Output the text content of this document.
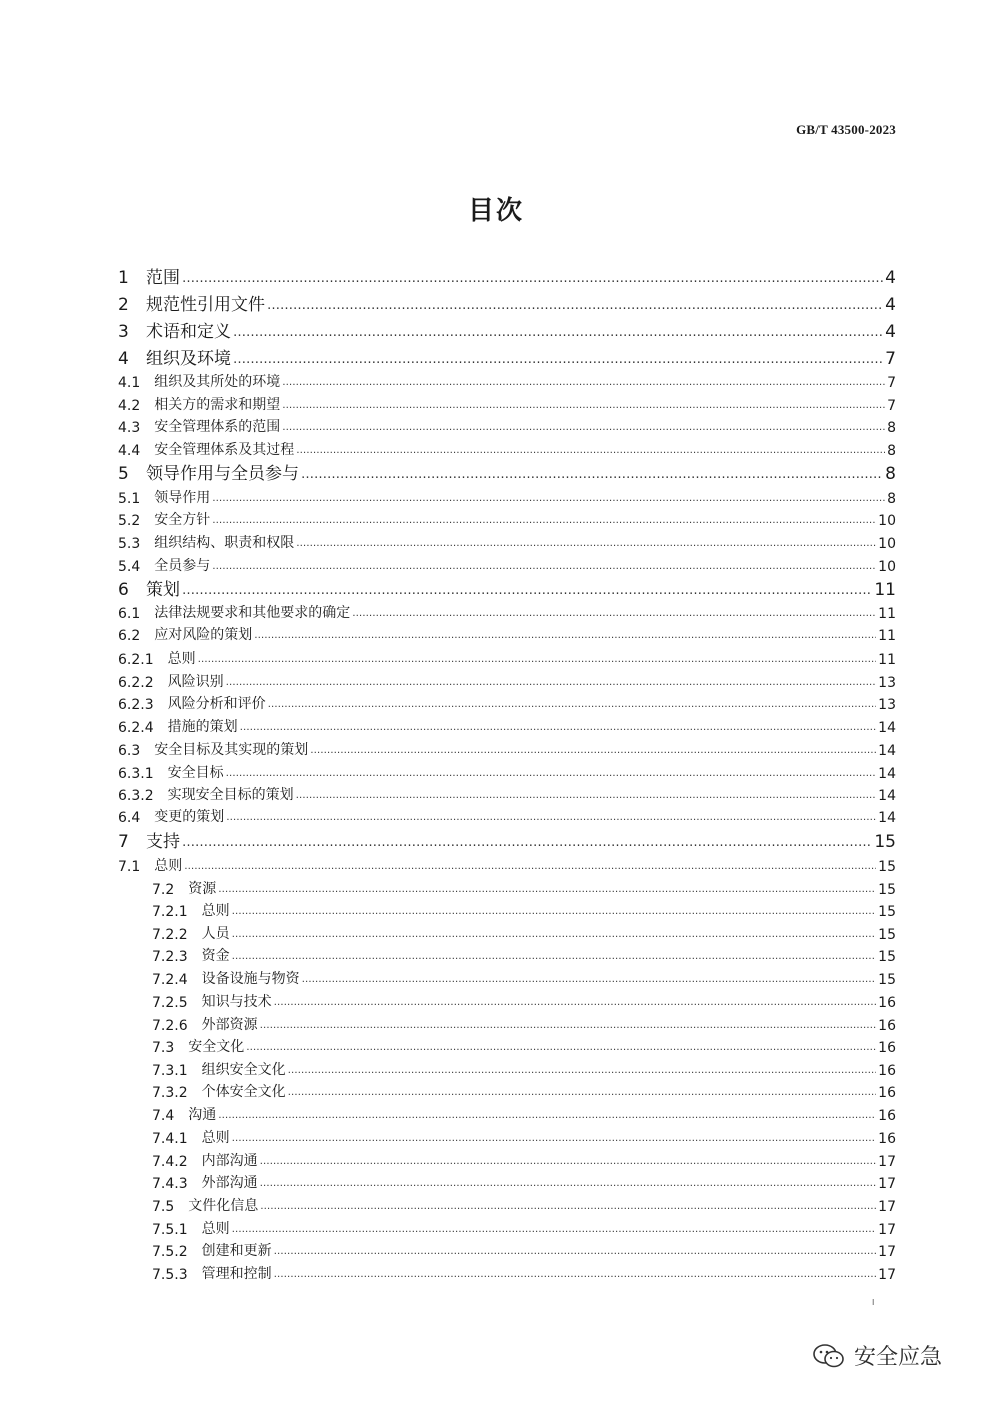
GB/T 43500-2023
目次
1	范围 …………………………………………………………………………………………………………………………………………………………………………………………………………………………………………………………	4
2	规范性引用文件 …………………………………………………………………………………………………………………………………………………………………………………………………………………………………………………………	4
3	术语和定义 …………………………………………………………………………………………………………………………………………………………………………………………………………………………………………………………	4
4	组织及环境 …………………………………………………………………………………………………………………………………………………………………………………………………………………………………………………………	7
4.1 组织及其所处的环境 …………………………………………………………………………………………………………………………………………………………………………………………………………………………………………………………	7
4.2 相关方的需求和期望 …………………………………………………………………………………………………………………………………………………………………………………………………………………………………………………………	7
4.3 安全管理体系的范围 …………………………………………………………………………………………………………………………………………………………………………………………………………………………………………………………	8
4.4 安全管理体系及其过程 …………………………………………………………………………………………………………………………………………………………………………………………………………………………………………………………	8
5	领导作用与全员参与 …………………………………………………………………………………………………………………………………………………………………………………………………………………………………………………………	8
5.1 领导作用 …………………………………………………………………………………………………………………………………………………………………………………………………………………………………………………………	8
5.2 安全方针 …………………………………………………………………………………………………………………………………………………………………………………………………………………………………………………………	10
5.3 组织结构、职责和权限 …………………………………………………………………………………………………………………………………………………………………………………………………………………………………………………………	10
5.4 全员参与 …………………………………………………………………………………………………………………………………………………………………………………………………………………………………………………………	10
6	策划 …………………………………………………………………………………………………………………………………………………………………………………………………………………………………………………………	11
6.1 法律法规要求和其他要求的确定 …………………………………………………………………………………………………………………………………………………………………………………………………………………………………………………………	11
6.2 应对风险的策划 …………………………………………………………………………………………………………………………………………………………………………………………………………………………………………………………	11
6.2.1 总则 …………………………………………………………………………………………………………………………………………………………………………………………………………………………………………………………	11
6.2.2 风险识别 …………………………………………………………………………………………………………………………………………………………………………………………………………………………………………………………	13
6.2.3 风险分析和评价 …………………………………………………………………………………………………………………………………………………………………………………………………………………………………………………………	13
6.2.4 措施的策划 …………………………………………………………………………………………………………………………………………………………………………………………………………………………………………………………	14
6.3 安全目标及其实现的策划 …………………………………………………………………………………………………………………………………………………………………………………………………………………………………………………………	14
6.3.1 安全目标 …………………………………………………………………………………………………………………………………………………………………………………………………………………………………………………………	14
6.3.2 实现安全目标的策划 …………………………………………………………………………………………………………………………………………………………………………………………………………………………………………………………	14
6.4 变更的策划 …………………………………………………………………………………………………………………………………………………………………………………………………………………………………………………………	14
7	支持 …………………………………………………………………………………………………………………………………………………………………………………………………………………………………………………………	15
7.1 总则 …………………………………………………………………………………………………………………………………………………………………………………………………………………………………………………………	15
7.2 资源 …………………………………………………………………………………………………………………………………………………………………………………………………………………………………………………………	15
7.2.1 总则 …………………………………………………………………………………………………………………………………………………………………………………………………………………………………………………………	15
7.2.2 人员 …………………………………………………………………………………………………………………………………………………………………………………………………………………………………………………………	15
7.2.3 资金 …………………………………………………………………………………………………………………………………………………………………………………………………………………………………………………………	15
7.2.4 设备设施与物资 …………………………………………………………………………………………………………………………………………………………………………………………………………………………………………………………	15
7.2.5 知识与技术 …………………………………………………………………………………………………………………………………………………………………………………………………………………………………………………………	16
7.2.6 外部资源 …………………………………………………………………………………………………………………………………………………………………………………………………………………………………………………………	16
7.3 安全文化 …………………………………………………………………………………………………………………………………………………………………………………………………………………………………………………………	16
7.3.1 组织安全文化 …………………………………………………………………………………………………………………………………………………………………………………………………………………………………………………………	16
7.3.2 个体安全文化 …………………………………………………………………………………………………………………………………………………………………………………………………………………………………………………………	16
7.4 沟通 …………………………………………………………………………………………………………………………………………………………………………………………………………………………………………………………	16
7.4.1 总则 …………………………………………………………………………………………………………………………………………………………………………………………………………………………………………………………	16
7.4.2 内部沟通 …………………………………………………………………………………………………………………………………………………………………………………………………………………………………………………………	17
7.4.3 外部沟通 …………………………………………………………………………………………………………………………………………………………………………………………………………………………………………………………	17
7.5 文件化信息 …………………………………………………………………………………………………………………………………………………………………………………………………………………………………………………………	17
7.5.1 总则 …………………………………………………………………………………………………………………………………………………………………………………………………………………………………………………………	17
7.5.2 创建和更新 …………………………………………………………………………………………………………………………………………………………………………………………………………………………………………………………	17
7.5.3 管理和控制 …………………………………………………………………………………………………………………………………………………………………………………………………………………………………………………………	17
I
安全应急
